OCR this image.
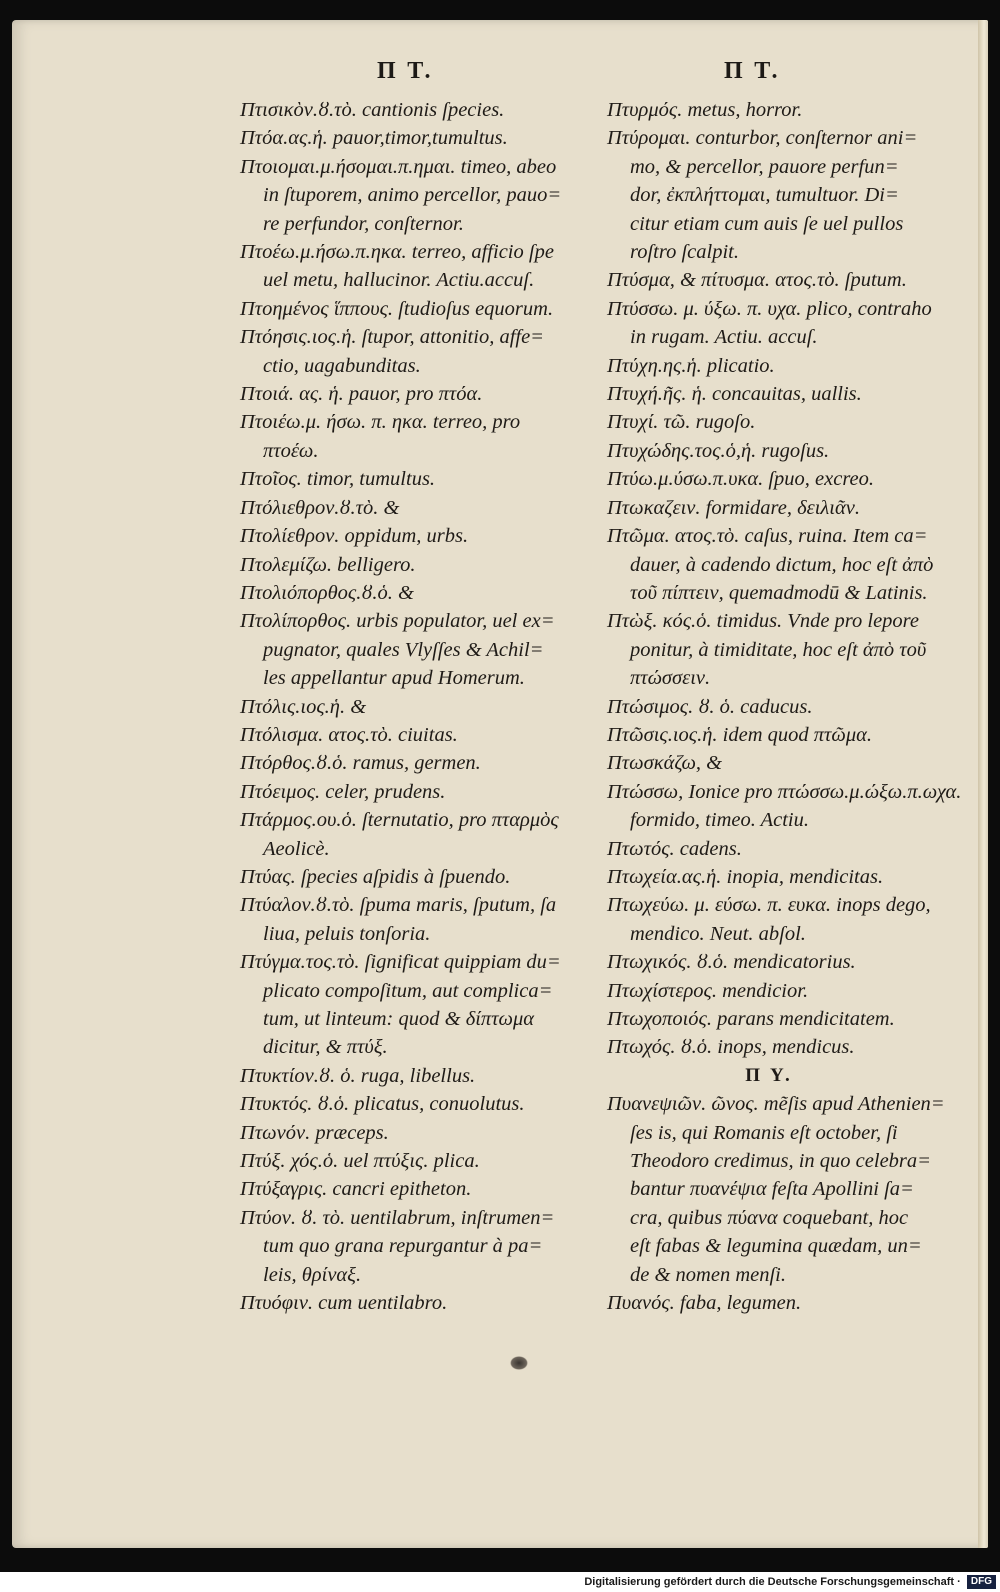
Π Τ.	Π Τ.
Πτισικὸν.ȣ.τὸ. cantionis ſpecies.
Πτόα.ας.ἡ. pauor,timor,tumultus.
Πτοιομαι.μ.ήσομαι.π.ημαι. timeo, abeo
in ſtuporem, animo percellor, pauo=
re perfundor, conſternor.
Πτοέω.μ.ήσω.π.ηκα. terreo, afficio ſpe
uel metu, hallucinor. Actiu.accuſ.
Πτοημένος ἵππους. ſtudioſus equorum.
Πτόησις.ιος.ἡ. ſtupor, attonitio, affe=
ctio, uagabunditas.
Πτοιά. ας. ἡ. pauor, pro πτόα.
Πτοιέω.μ. ήσω. π. ηκα. terreo, pro
πτοέω.
Πτοῖος. timor, tumultus.
Πτόλιεθρον.ȣ.τὸ. &
Πτολίεθρον. oppidum, urbs.
Πτολεμίζω. belligero.
Πτολιόπορθος.ȣ.ὁ. &
Πτολίπορθος. urbis populator, uel ex=
pugnator, quales Vlyſſes & Achil=
les appellantur apud Homerum.
Πτόλις.ιος.ἡ. &
Πτόλισμα. ατος.τὸ. ciuitas.
Πτόρθος.ȣ.ὁ. ramus, germen.
Πτόειμος. celer, prudens.
Πτάρμος.ου.ὁ. ſternutatio, pro πταρμὸς
Aeolicè.
Πτύας. ſpecies aſpidis à ſpuendo.
Πτύαλον.ȣ.τὸ. ſpuma maris, ſputum, ſa
liua, peluis tonſoria.
Πτύγμα.τος.τὸ. ſignificat quippiam du=
plicato compoſitum, aut complica=
tum, ut linteum: quod & δίπτωμα
dicitur, & πτύξ.
Πτυκτίον.ȣ. ὁ. ruga, libellus.
Πτυκτός. ȣ.ὁ. plicatus, conuolutus.
Πτωνόν. præceps.
Πτύξ. χός.ὁ. uel πτύξις. plica.
Πτύξαγρις. cancri epitheton.
Πτύον. ȣ. τὸ. uentilabrum, inſtrumen=
tum quo grana repurgantur à pa=
leis, θρίναξ.
Πτυόφιν. cum uentilabro.
Πτυρμός. metus, horror.
Πτύρομαι. conturbor, conſternor ani=
mo, & percellor, pauore perfun=
dor, ἐκπλήττομαι, tumultuor. Di=
citur etiam cum auis ſe uel pullos
roſtro ſcalpit.
Πτύσμα, & πίτυσμα. ατος.τὸ. ſputum.
Πτύσσω. μ. ύξω. π. υχα. plico, contraho
in rugam. Actiu. accuſ.
Πτύχη.ης.ἡ. plicatio.
Πτυχή.ῆς. ἡ. concauitas, uallis.
Πτυχί. τῶ. rugoſo.
Πτυχώδης.τος.ὁ,ἡ. rugoſus.
Πτύω.μ.ύσω.π.υκα. ſpuo, excreo.
Πτωκαζειν. formidare, δειλιᾶν.
Πτῶμα. ατος.τὸ. caſus, ruina. Item ca=
dauer, à cadendo dictum, hoc eſt ἀπὸ
τοῦ πίπτειν, quemadmodū & Latinis.
Πτὼξ. κός.ὁ. timidus. Vnde pro lepore
ponitur, à timiditate, hoc eſt ἀπὸ τοῦ
πτώσσειν.
Πτώσιμος. ȣ. ὁ. caducus.
Πτῶσις.ιος.ἡ. idem quod πτῶμα.
Πτωσκάζω, &
Πτώσσω, Ionice pro πτώσσω.μ.ώξω.π.ωχα.
formido, timeo. Actiu.
Πτωτός. cadens.
Πτωχεία.ας.ἡ. inopia, mendicitas.
Πτωχεύω. μ. εύσω. π. ευκα. inops dego,
mendico. Neut. abſol.
Πτωχικός. ȣ.ὁ. mendicatorius.
Πτωχίστερος. mendicior.
Πτωχοποιός. parans mendicitatem.
Πτωχός. ȣ.ὁ. inops, mendicus.
Π Υ.
Πυανεψιῶν. ῶνος. mẽſis apud Athenien=
ſes is, qui Romanis eſt october, ſi
Theodoro credimus, in quo celebra=
bantur πυανέψια feſta Apollini ſa=
cra, quibus πύανα coquebant, hoc
eſt fabas & legumina quædam, un=
de & nomen menſi.
Πυανός. faba, legumen.
Digitalisierung gefördert durch die Deutsche Forschungsgemeinschaft · DFG
